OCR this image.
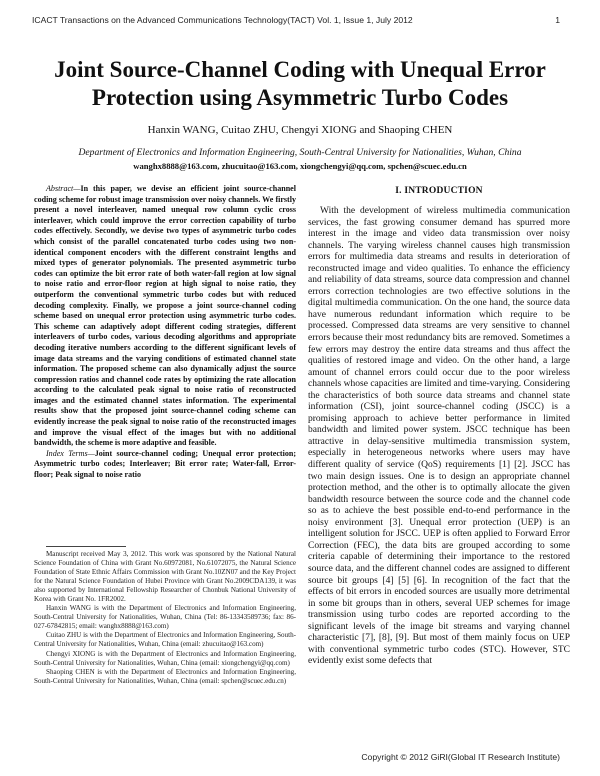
ICACT Transactions on the Advanced Communications Technology(TACT) Vol. 1, Issue 1, July 2012	1
Joint Source-Channel Coding with Unequal Error Protection using Asymmetric Turbo Codes
Hanxin WANG, Cuitao ZHU, Chengyi XIONG and Shaoping CHEN
Department of Electronics and Information Engineering, South-Central University for Nationalities, Wuhan, China
wanghx8888@163.com, zhucuitao@163.com, xiongchengyi@qq.com, spchen@scuec.edu.cn

Abstract—In this paper, we devise an efficient joint source-channel coding scheme for robust image transmission over noisy channels. We firstly present a novel interleaver, named unequal row column cyclic cross interleaver, which could improve the error correction capability of turbo codes effectively. Secondly, we devise two types of asymmetric turbo codes which consist of the parallel concatenated turbo codes using two non-identical component encoders with the different constraint lengths and mixed types of generator polynomials. The presented asymmetric turbo codes can optimize the bit error rate of both water-fall region at low signal to noise ratio and error-floor region at high signal to noise ratio, they outperform the conventional symmetric turbo codes but with reduced decoding complexity. Finally, we propose a joint source-channel coding scheme based on unequal error protection using asymmetric turbo codes. This scheme can adaptively adopt different coding strategies, different interleavers of turbo codes, various decoding algorithms and appropriate decoding iterative numbers according to the different significant levels of image data streams and the varying conditions of estimated channel state information. The proposed scheme can also dynamically adjust the source compression ratios and channel code rates by optimizing the rate allocation according to the calculated peak signal to noise ratio of reconstructed images and the estimated channel states information. The experimental results show that the proposed joint source-channel coding scheme can evidently increase the peak signal to noise ratio of the reconstructed images and improve the visual effect of the images but with no additional bandwidth, the scheme is more adaptive and feasible.

Index Terms—Joint source-channel coding; Unequal error protection; Asymmetric turbo codes; Interleaver; Bit error rate; Water-fall, Error-floor; Peak signal to noise ratio

Manuscript received May 3, 2012. This work was sponsored by the National Natural Science Foundation of China with Grant No.60972081, No.61072075, the Natural Science Foundation of State Ethnic Affairs Commission with Grant No.10ZN07 and the Key Project for the Natural Science Foundation of Hubei Province with Grant No.2009CDA139, it was also supported by International Fellowship Researcher of Chonbuk National University of Korea with Grant No. 1FR2002.

Hanxin WANG is with the Department of Electronics and Information Engineering, South-Central University for Nationalities, Wuhan, China (Tel: 86-13343589736; fax: 86-027-67842815; email: wanghx8888@163.com)

Cuitao ZHU is with the Department of Electronics and Information Engineering, South-Central University for Nationalities, Wuhan, China (email: zhucuitao@163.com)

Chengyi XIONG is with the Department of Electronics and Information Engineering, South-Central University for Nationalities, Wuhan, China (email: xiongchengyi@qq.com)

Shaoping CHEN is with the Department of Electronics and Information Engineering, South-Central University for Nationalities, Wuhan, China (email: spchen@scuec.edu.cn)

I. INTRODUCTION

With the development of wireless multimedia communication services, the fast growing consumer demand has spurred more interest in the image and video data transmission over noisy channels. The varying wireless channel causes high transmission errors for multimedia data streams and results in deterioration of reconstructed image and video qualities. To enhance the efficiency and reliability of data streams, source data compression and channel errors correction technologies are two effective solutions in the digital multimedia communication. On the one hand, the source data have numerous redundant information which require to be processed. Compressed data streams are very sensitive to channel errors because their most redundancy bits are removed. Sometimes a few errors may destroy the entire data streams and thus affect the qualities of restored image and video. On the other hand, a large amount of channel errors could occur due to the poor wireless channels whose capacities are limited and time-varying. Considering the characteristics of both source data streams and channel state information (CSI), joint source-channel coding (JSCC) is a promising approach to achieve better performance in limited bandwidth and limited power system. JSCC technique has been attractive in delay-sensitive multimedia transmission system, especially in heterogeneous networks where users may have different quality of service (QoS) requirements [1] [2]. JSCC has two main design issues. One is to design an appropriate channel protection method, and the other is to optimally allocate the given bandwidth resource between the source code and the channel code so as to achieve the best possible end-to-end performance in the noisy environment [3]. Unequal error protection (UEP) is an intelligent solution for JSCC. UEP is often applied to Forward Error Correction (FEC), the data bits are grouped according to some criteria capable of determining their importance to the restored source data, and the different channel codes are assigned to different source bit groups [4] [5] [6]. In recognition of the fact that the effects of bit errors in encoded sources are usually more detrimental in some bit groups than in others, several UEP schemes for image transmission using turbo codes are reported according to the significant levels of the image bit streams and varying channel characteristic [7], [8], [9]. But most of them mainly focus on UEP with conventional symmetric turbo codes (STC). However, STC evidently exist some defects that

Copyright © 2012 GiRI(Global IT Research Institute)
